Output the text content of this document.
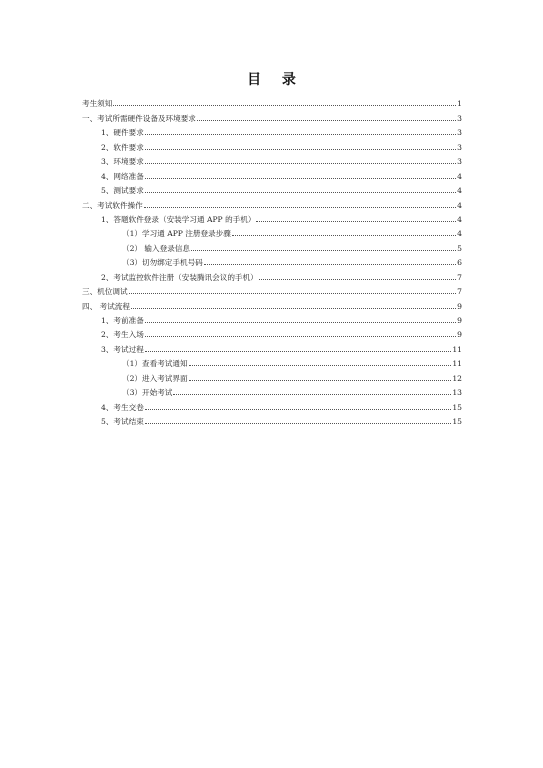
目 录
考生须知	1
一、考试所需硬件设备及环境要求	3
1、硬件要求	3
2、软件要求	3
3、环境要求	3
4、网络准备	4
5、测试要求	4
二、考试软件操作	4
1、答题软件登录（安装学习通 APP 的手机）	4
（1）学习通 APP 注册登录步骤	4
（2） 输入登录信息	5
（3）切勿绑定手机号码	6
2、考试监控软件注册（安装腾讯会议的手机）	7
三、机位调试	7
四、 考试流程	9
1、考前准备	9
2、考生入场	9
3、考试过程	11
（1）查看考试通知	11
（2）进入考试界面	12
（3）开始考试	13
4、考生交卷	15
5、考试结束	15
